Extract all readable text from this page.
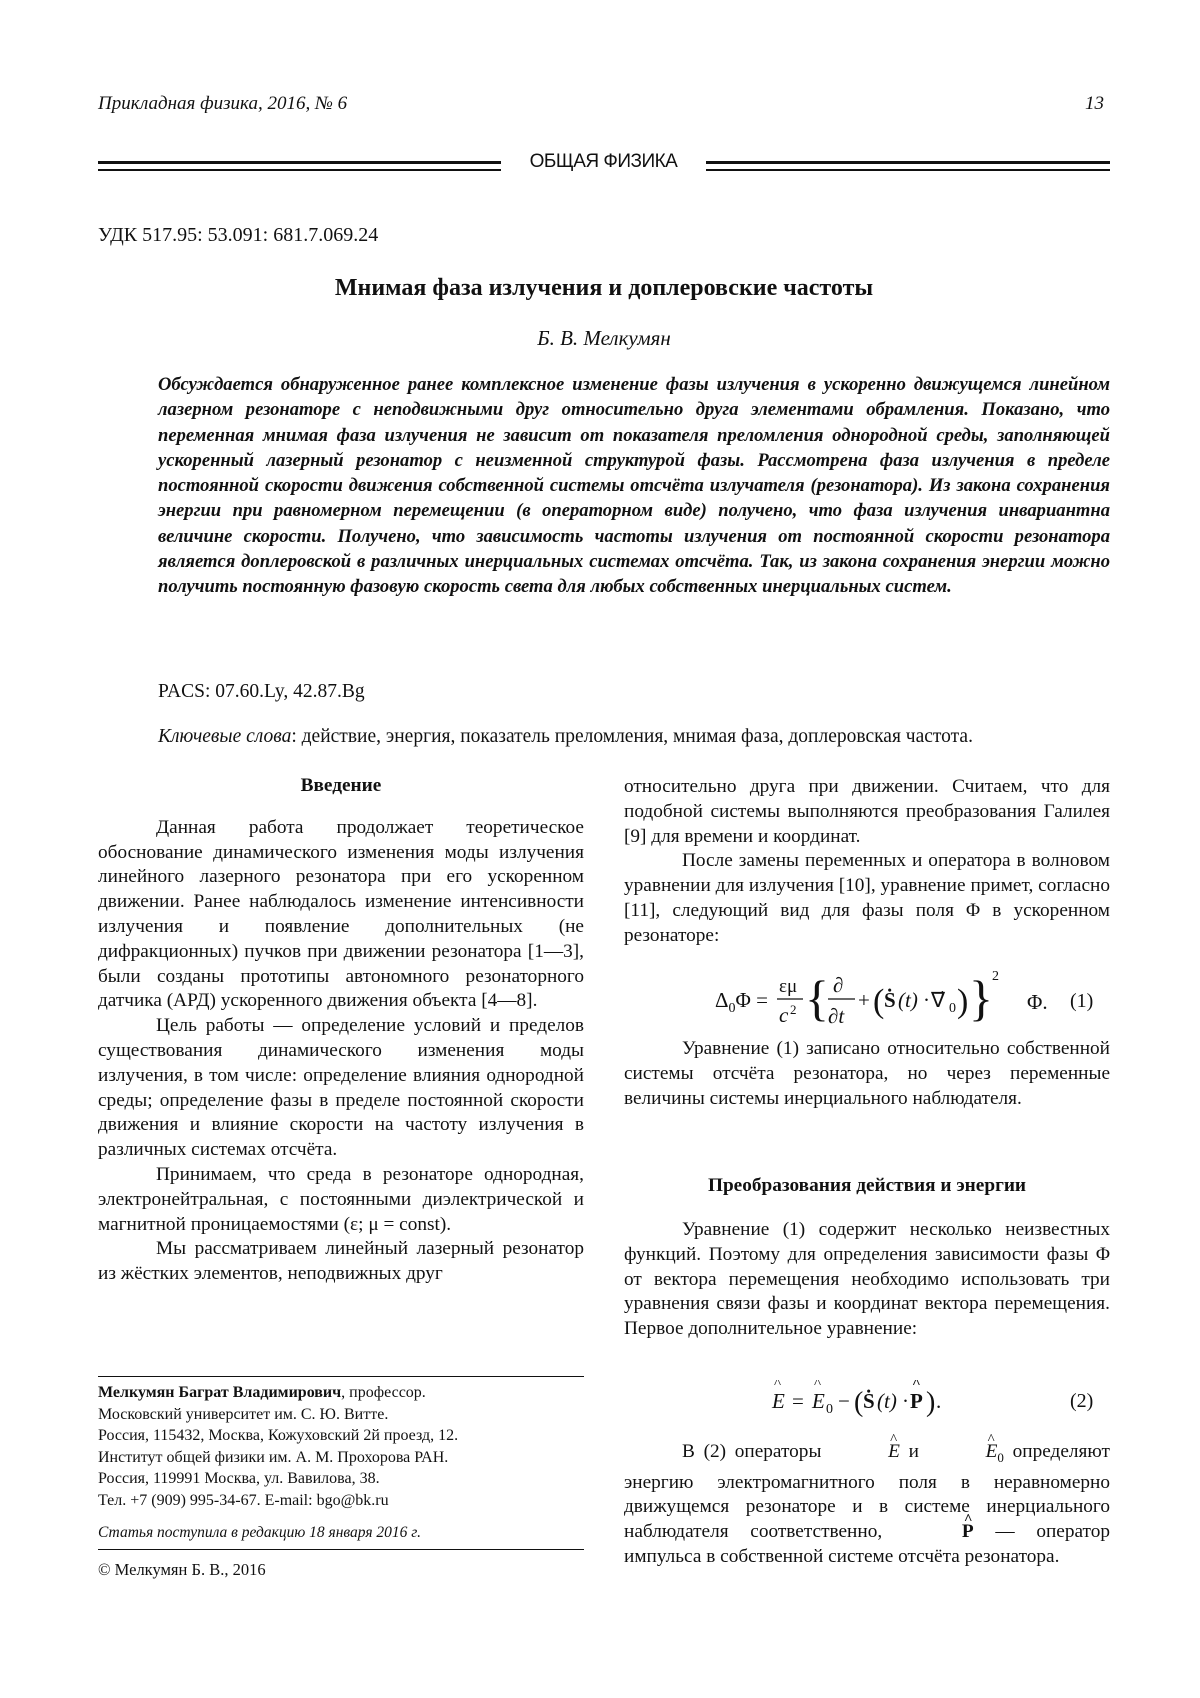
Прикладная физика, 2016, № 6	13
ОБЩАЯ ФИЗИКА
УДК 517.95: 53.091: 681.7.069.24
Мнимая фаза излучения и доплеровские частоты
Б. В. Мелкумян
Обсуждается обнаруженное ранее комплексное изменение фазы излучения в ускоренно движущемся линейном лазерном резонаторе с неподвижными друг относительно друга элементами обрамления. Показано, что переменная мнимая фаза излучения не зависит от показателя преломления однородной среды, заполняющей ускоренный лазерный резонатор с неизменной структурой фазы. Рассмотрена фаза излучения в пределе постоянной скорости движения собственной системы отсчёта излучателя (резонатора). Из закона сохранения энергии при равномерном перемещении (в операторном виде) получено, что фаза излучения инвариантна величине скорости. Получено, что зависимость частоты излучения от постоянной скорости резонатора является доплеровской в различных инерциальных системах отсчёта. Так, из закона сохранения энергии можно получить постоянную фазовую скорость света для любых собственных инерциальных систем.
PACS: 07.60.Ly, 42.87.Bg
Ключевые слова: действие, энергия, показатель преломления, мнимая фаза, доплеровская частота.
Введение

Данная работа продолжает теоретическое обоснование динамического изменения моды излучения линейного лазерного резонатора при его ускоренном движении. Ранее наблюдалось изменение интенсивности излучения и появление дополнительных (не дифракционных) пучков при движении резонатора [1—3], были созданы прототипы автономного резонаторного датчика (АРД) ускоренного движения объекта [4—8].

Цель работы — определение условий и пределов существования динамического изменения моды излучения, в том числе: определение влияния однородной среды; определение фазы в пределе постоянной скорости движения и влияние скорости на частоту излучения в различных системах отсчёта.

Принимаем, что среда в резонаторе однородная, электронейтральная, с постоянными диэлектрической и магнитной проницаемостями (ε; μ = const).

Мы рассматриваем линейный лазерный резонатор из жёстких элементов, неподвижных друг

Мелкумян Баграт Владимирович, профессор.
Московский университет им. С. Ю. Витте.
Россия, 115432, Москва, Кожуховский 2й проезд, 12.
Институт общей физики им. А. М. Прохорова РАН.
Россия, 119991 Москва, ул. Вавилова, 38.
Тел. +7 (909) 995-34-67. E-mail: bgo@bk.ru
Статья поступила в редакцию 18 января 2016 г.
© Мелкумян Б. В., 2016

относительно друга при движении. Считаем, что для подобной системы выполняются преобразования Галилея [9] для времени и координат.

После замены переменных и оператора в волновом уравнении для излучения [10], уравнение примет, согласно [11], следующий вид для фазы поля Φ в ускоренном резонаторе:

$\Delta_0\Phi$ =
εμ
c 2 { ∂
∂t
+ ( Ṡ (t) · ∇⃗ 0 ) } 2
Φ. (1)

Уравнение (1) записано относительно собственной системы отсчёта резонатора, но через переменные величины системы инерциального наблюдателя.

Преобразования действия и энергии

Уравнение (1) содержит несколько неизвестных функций. Поэтому для определения зависимости фазы Φ от вектора перемещения необходимо использовать три уравнения связи фазы и координат вектора перемещения. Первое дополнительное уравнение:

^
E =
^
E 0 − ( Ṡ (t) ·
^
P ) .	(2)

В (2) операторы	^ E и	^ $E_0$ определяют энергию электромагнитного поля в неравномерно движущемся резонаторе и в системе инерциального наблюдателя соответственно,	^ P — оператор импульса в собственной системе отсчёта резонатора.
